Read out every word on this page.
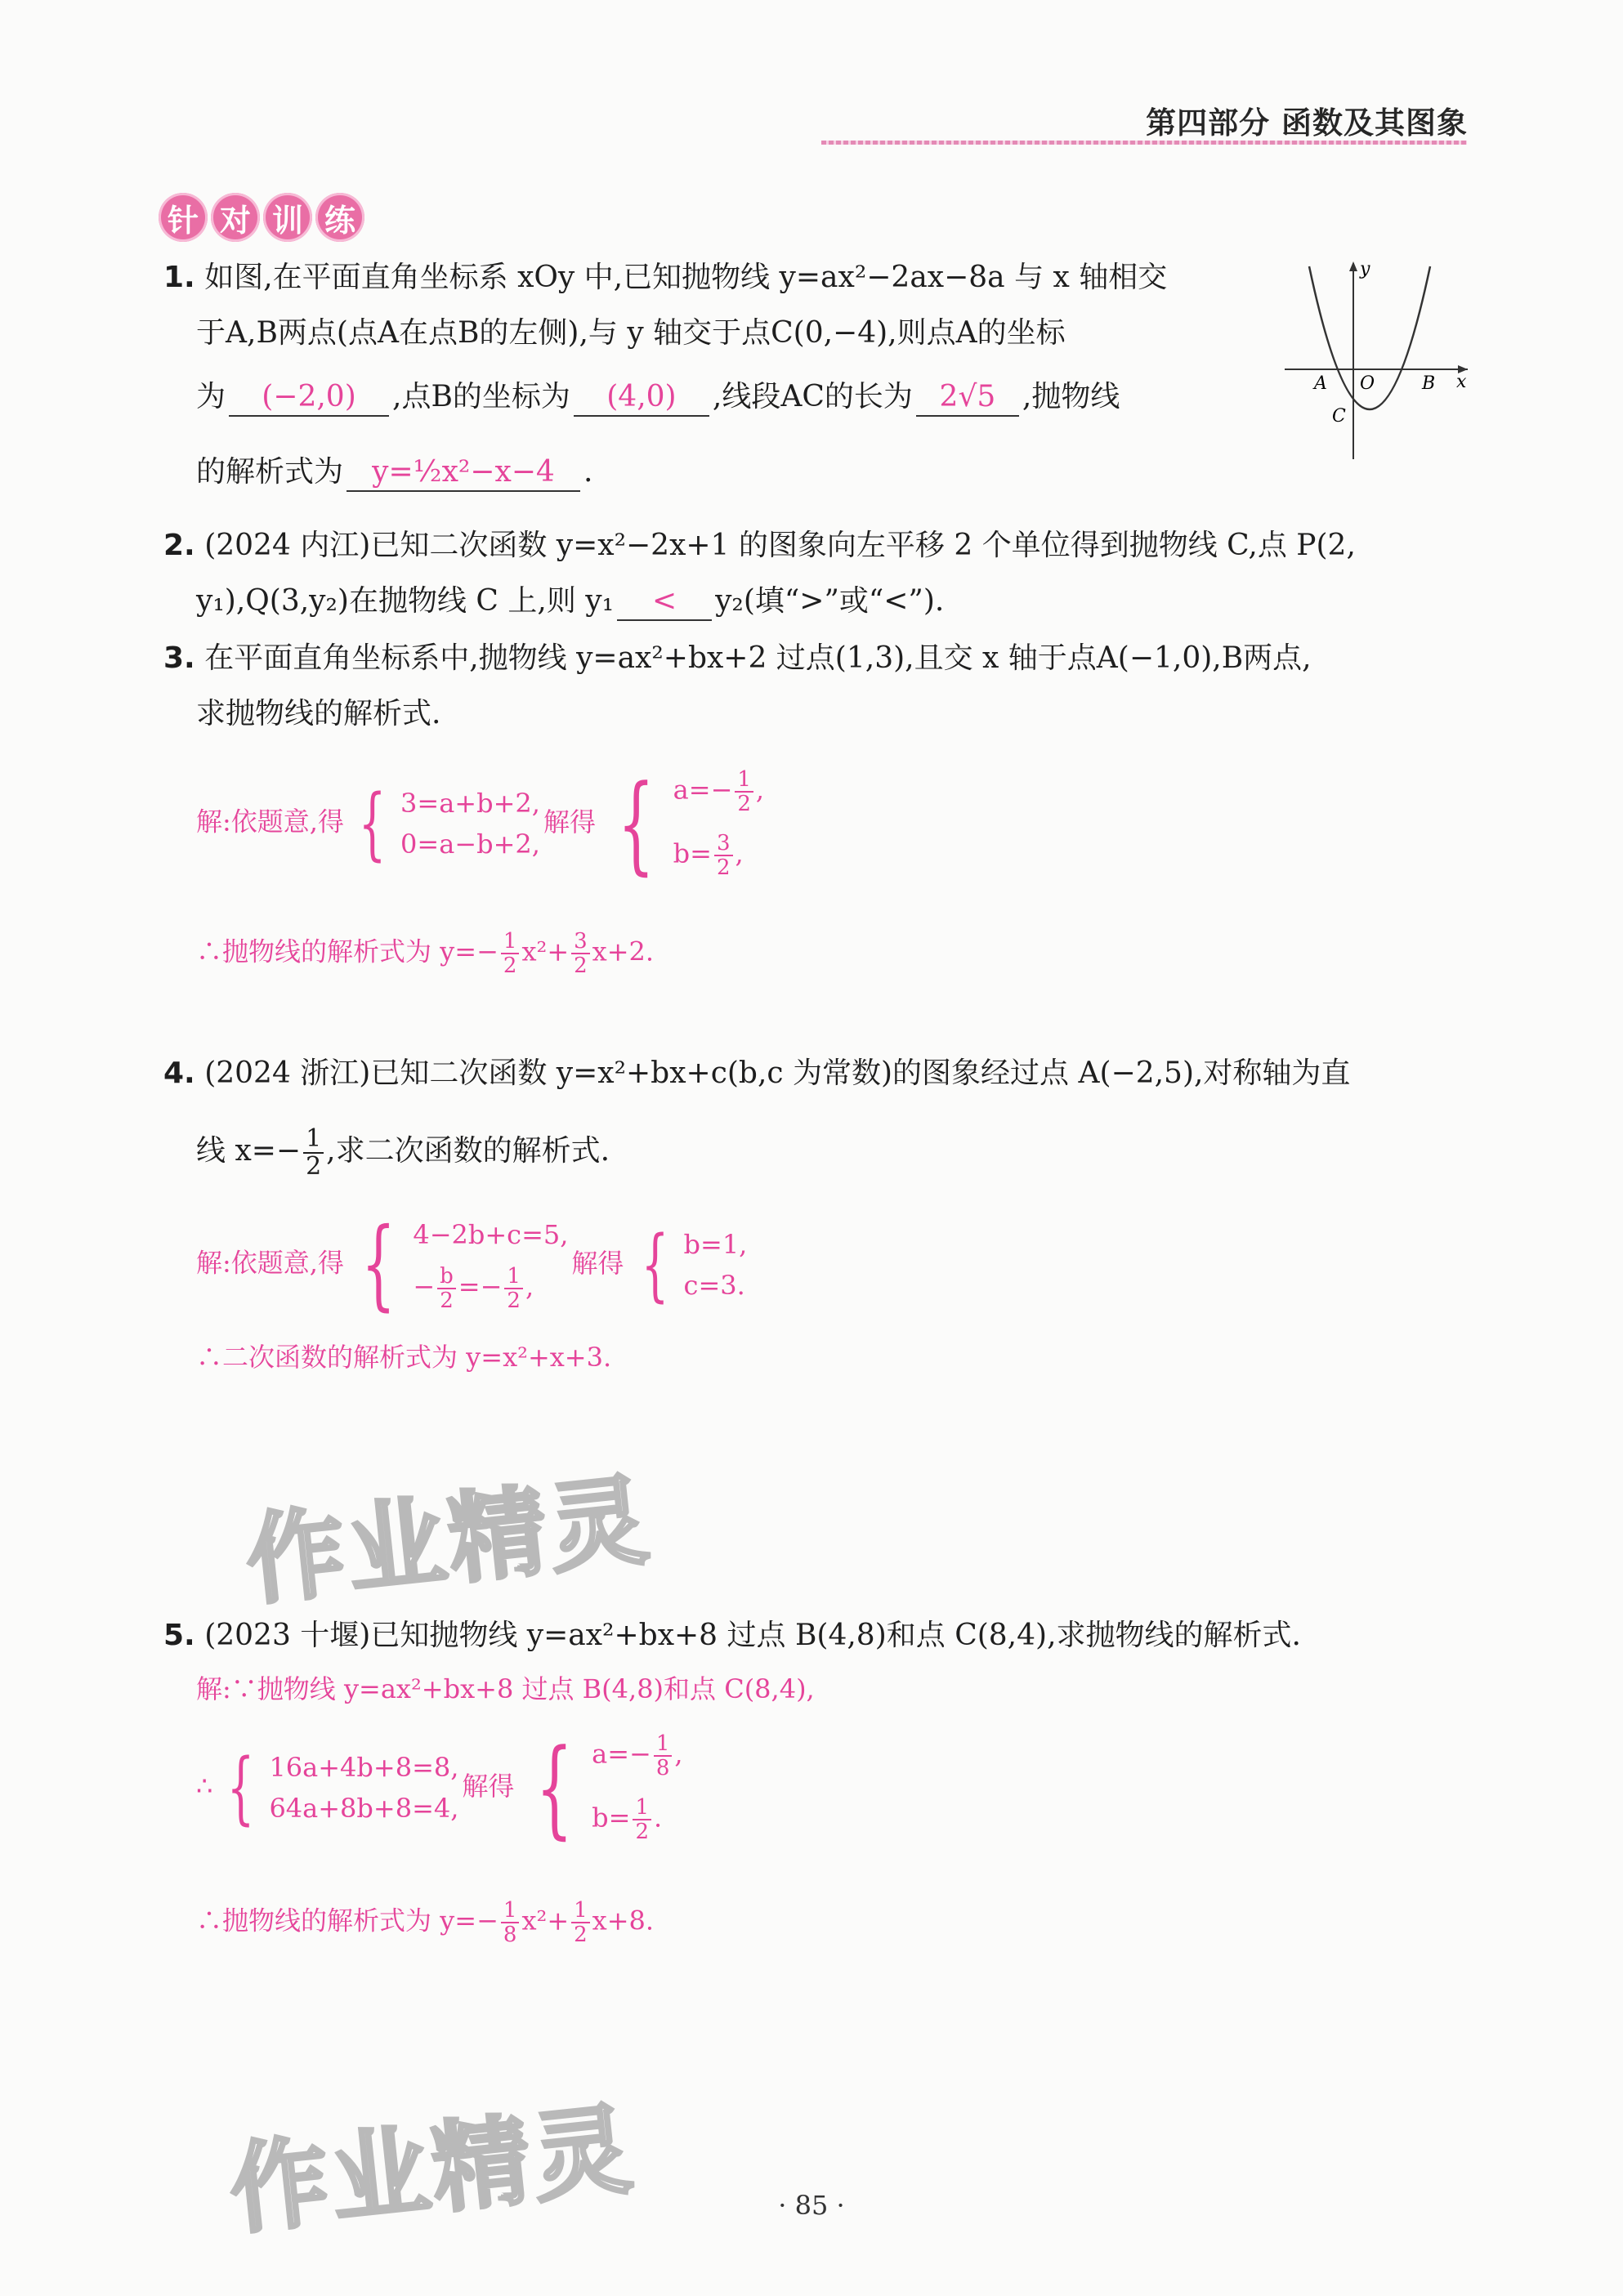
第四部分 函数及其图象
针 对 训 练
1. 如图,在平面直角坐标系 xOy 中,已知抛物线 y=ax²−2ax−8a 与 x 轴相交
于A,B两点(点A在点B的左侧),与 y 轴交于点C(0,−4),则点A的坐标
为 (−2,0) ,点B的坐标为 (4,0) ,线段AC的长为 2√5 ,抛物线
的解析式为 y=½x²−x−4 .
y
x
A O	B
C
2. (2024 内江)已知二次函数 y=x²−2x+1 的图象向左平移 2 个单位得到抛物线 C,点 P(2,
y₁),Q(3,y₂)在抛物线 C 上,则 y₁ < y₂(填“>”或“<”).
3. 在平面直角坐标系中,抛物线 y=ax²+bx+2 过点(1,3),且交 x 轴于点A(−1,0),B两点,
求抛物线的解析式.
解:依题意,得 { 3=a+b+2,
0=a−b+2,
解得 { $a=- \frac{1}{2}$ ,
$b= \frac{3}{2}$ ,
∴抛物线的解析式为 $y=- \frac{1}{2} x^2+ \frac{3}{2} x+2$.
4. (2024 浙江)已知二次函数 y=x²+bx+c(b,c 为常数)的图象经过点 A(−2,5),对称轴为直
线 $x=- \frac{1}{2}$ ,求二次函数的解析式.
解:依题意,得 { 4−2b+c=5,
− $\frac{b}{2} =- \frac{1}{2}$ ,
解得 { b=1,
c=3.
∴二次函数的解析式为 y=x²+x+3.
作业精灵
5. (2023 十堰)已知抛物线 y=ax²+bx+8 过点 B(4,8)和点 C(8,4),求抛物线的解析式.
解:∵抛物线 y=ax²+bx+8 过点 B(4,8)和点 C(8,4),
∴ { 16a+4b+8=8,
64a+8b+8=4,
解得 { $a=- \frac{1}{8}$ ,
$b= \frac{1}{2}$ .
∴抛物线的解析式为 $y=- \frac{1}{8} x^2+ \frac{1}{2} x+8$.
作业精灵	· 85 ·
